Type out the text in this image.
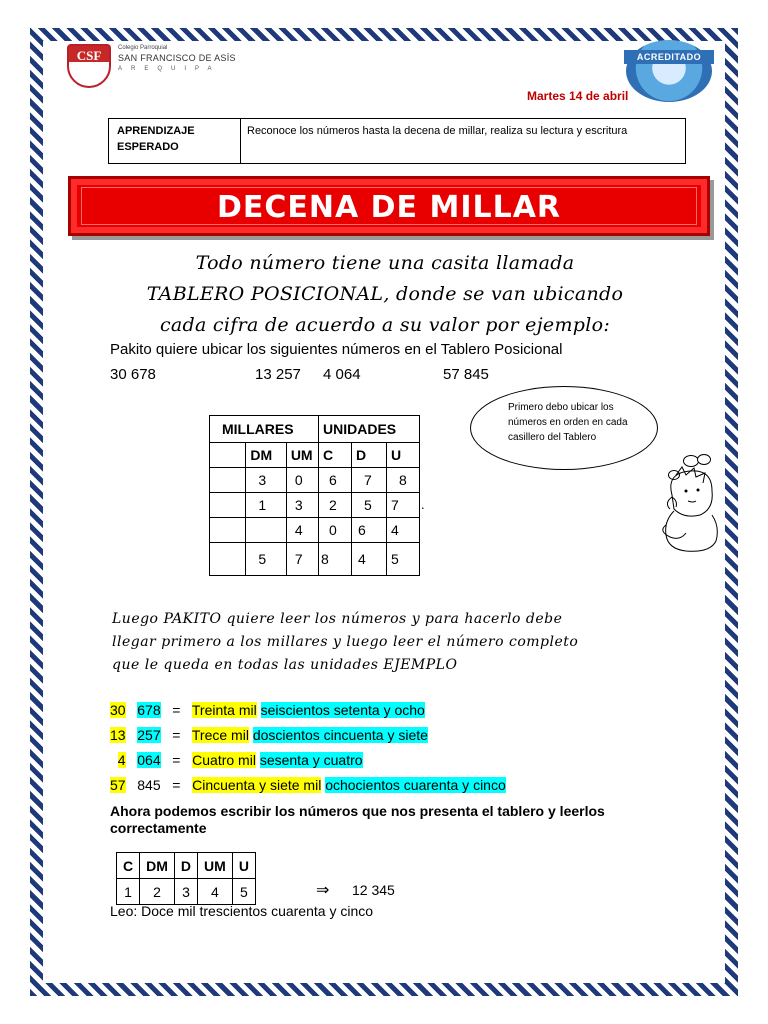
CSF	Colegio Parroquial
SAN FRANCISCO DE ASÍS
AREQUIPA
ACREDITADO
Martes 14 de abril
APRENDIZAJE
ESPERADO
Reconoce los números hasta la decena de millar, realiza su lectura y escritura
DECENA DE MILLAR
Todo número tiene una casita llamada
TABLERO POSICIONAL, donde se van ubicando
cada cifra de acuerdo a su valor por ejemplo:
Pakito quiere ubicar los siguientes números en el Tablero Posicional
30 678	13 257 4 064	57 845
MILLARES			UNIDADES		
	DM	UM	C	D	U
	3	0	6	7	8
	1	3	2	5	7
		4	0	6	4
	5	7	8	4	5
.
Primero debo ubicar los números en orden en cada casillero del Tablero
Luego PAKITO quiere leer los números y para hacerlo debe
llegar primero a los millares y luego leer el número completo
que le queda en todas las unidades EJEMPLO
30 678 = Treinta mil seiscientos setenta y ocho
13 257 = Trece mil doscientos cincuenta y siete
4 064 = Cuatro mil sesenta y cuatro
57 845 = Cincuenta y siete mil ochocientos cuarenta y cinco
Ahora podemos escribir los números que nos presenta el tablero y leerlos correctamente
C	DM	D	UM	U
1	2	3	4	5	⇒ 12 345
Leo: Doce mil trescientos cuarenta y cinco
